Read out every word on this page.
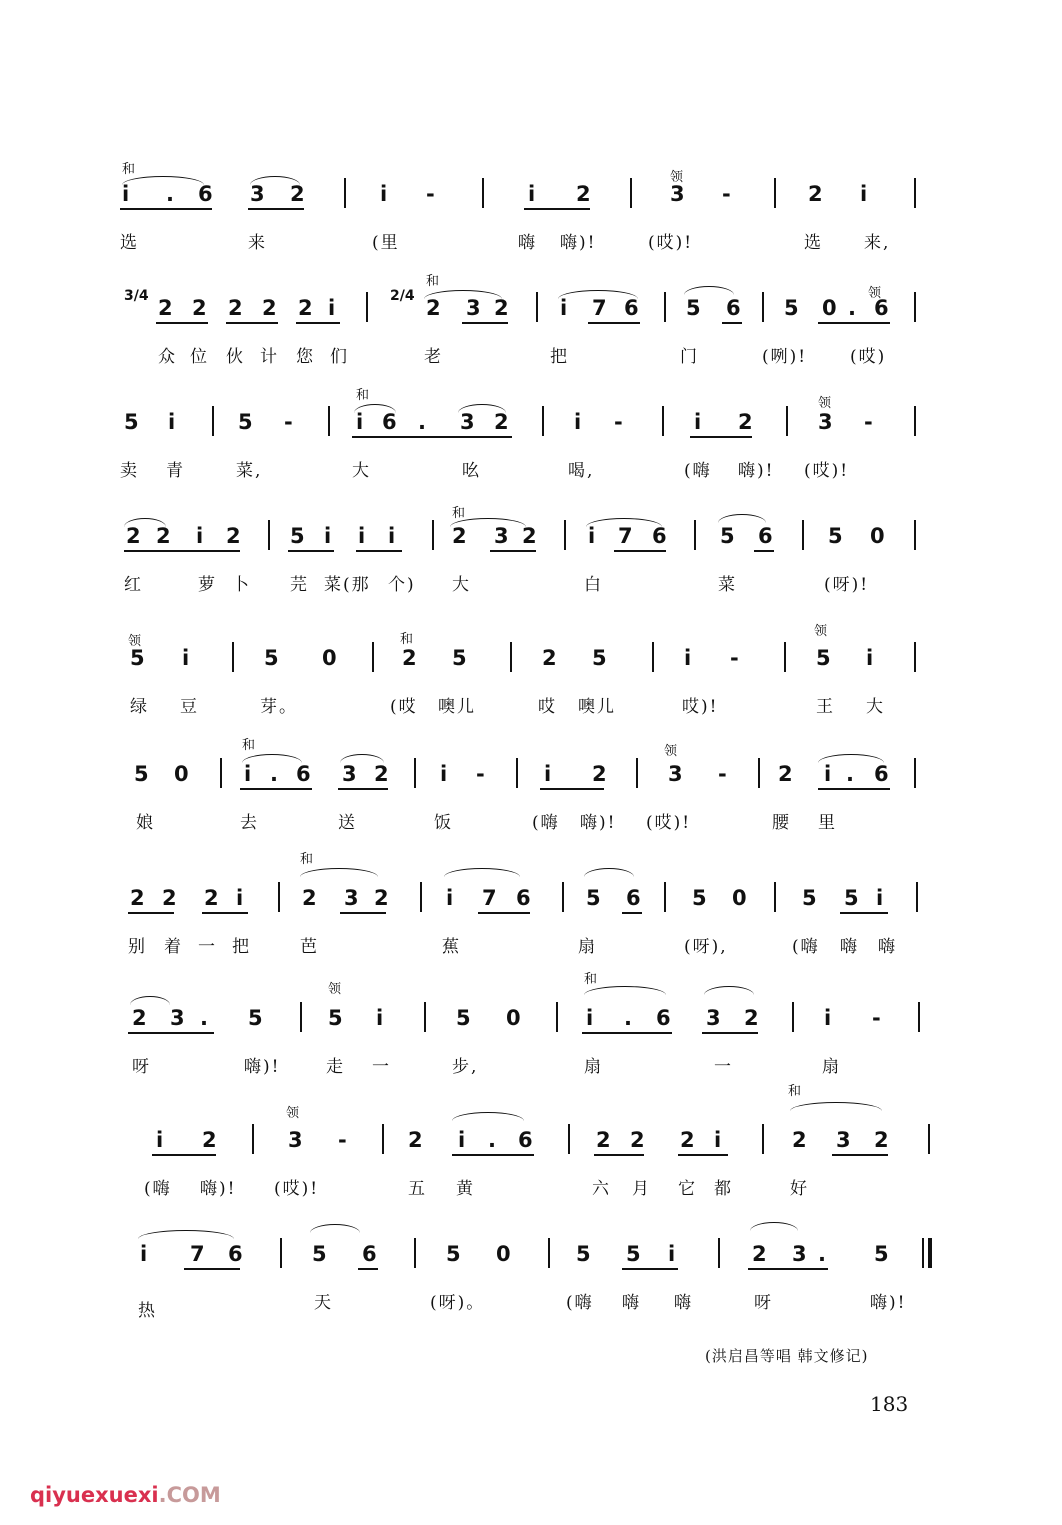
和
领
i . 6 3 2	i -	i 2	3 -	2 i
选	来	(里	嗨 嗨)!	(哎)!	选 来,
和
领
3/4 2 2 2 2 2 i	2/4 2 3 2 i 7 6 5 6 5 0 . 6
众 位 伙 计 您 们	老	把	门	(咧)!	(哎)
和
领
5 i	5 -	i 6 . 3 2	i -	i 2	3 -
卖 青	菜,	大	吆	喝,	(嗨 嗨)! (哎)!
和
2 2 i 2 5 i i i	2 3 2 i 7 6	5 6	5 0
红	萝 卜 芫 菜(那 个) 大	白	菜	(呀)!
领	和
领
5 i	5 0	2 5	2 5	i -	5 i
绿 豆	芽。	(哎 噢儿	哎 噢儿	哎)!	王 大
和	领
5 0	i . 6 3 2 i -	i 2	3 - 2 i . 6
娘	去	送	饭	(嗨 嗨)! (哎)!	腰 里
和
2 2 2 i	2 3 2	i 7 6	5 6 5 0	5 5 i
别 着 一 把	芭	蕉	扇	(呀),	(嗨 嗨 嗨
领
和
2 3 . 5	5 i	5 0	i . 6 3 2	i -
呀	嗨)!	走 一	步,	扇	一	扇
领
和
i 2	3 -	2 i . 6	2 2 2 i	2 3 2
(嗨 嗨)! (哎)!	五 黄	六 月 它 都	好
i 7 6	5 6	5 0	5 5 i	2 3 . 5
热	天	(呀)。	(嗨 嗨 嗨	呀	嗨)!
(洪启昌等唱 韩文修记)
183
qiyuexuexi.COM
